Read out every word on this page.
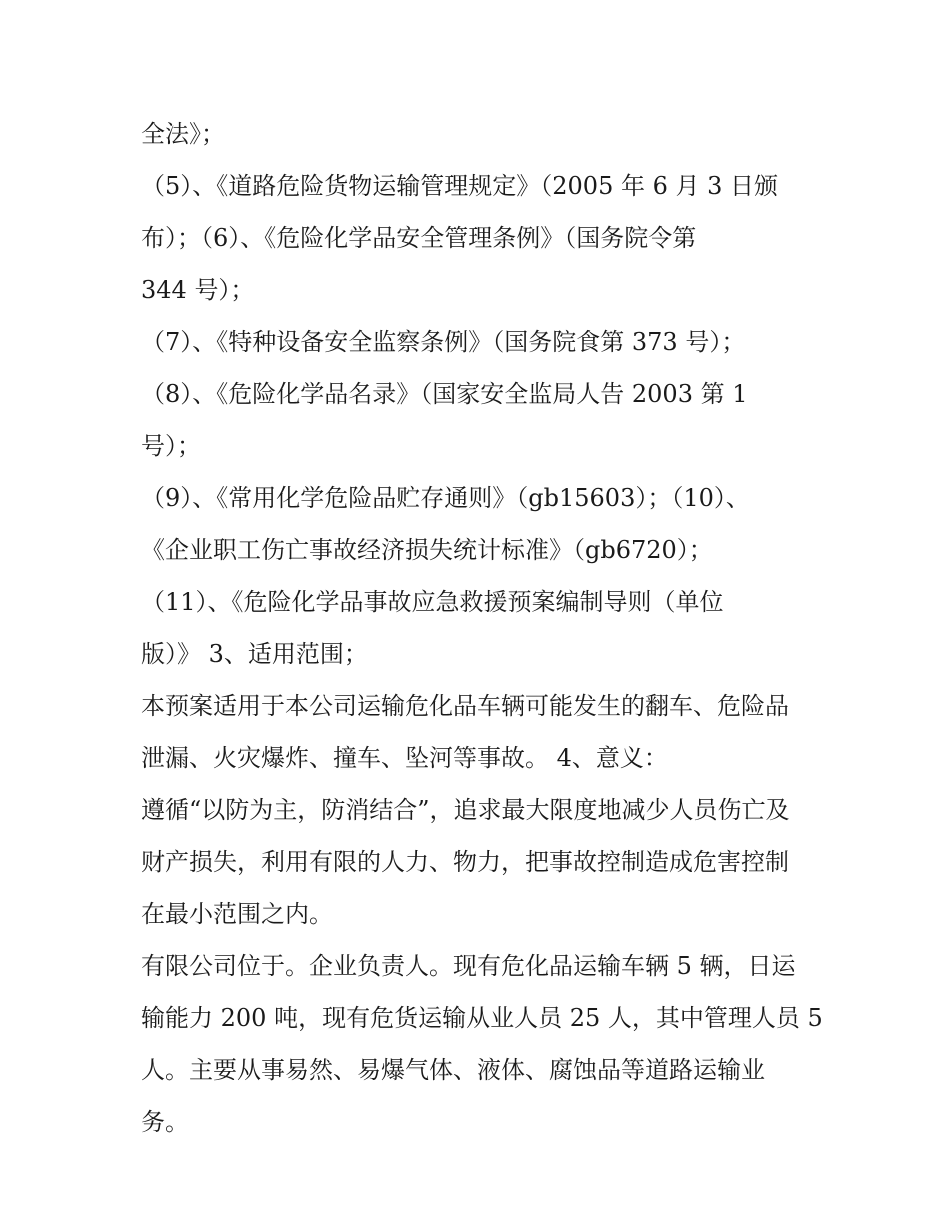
全法》；
（5）、《道路危险货物运输管理规定》（2005 年 6 月 3 日颁
布）；（6）、《危险化学品安全管理条例》（国务院令第
344 号）；
（7）、《特种设备安全监察条例》（国务院食第 373 号）；
（8）、《危险化学品名录》（国家安全监局人告 2003 第 1
号）；
（9）、《常用化学危险品贮存通则》（gb15603）；（10）、
《企业职工伤亡事故经济损失统计标准》（gb6720）；
（11）、《危险化学品事故应急救援预案编制导则（单位
版）》 3、适用范围；
本预案适用于本公司运输危化品车辆可能发生的翻车、危险品
泄漏、火灾爆炸、撞车、坠河等事故。 4、意义：
遵循“以防为主，防消结合”，追求最大限度地减少人员伤亡及
财产损失，利用有限的人力、物力，把事故控制造成危害控制
在最小范围之内。
有限公司位于。企业负责人。现有危化品运输车辆 5 辆，日运
输能力 200 吨，现有危货运输从业人员 25 人，其中管理人员 5
人。主要从事易然、易爆气体、液体、腐蚀品等道路运输业
务。
